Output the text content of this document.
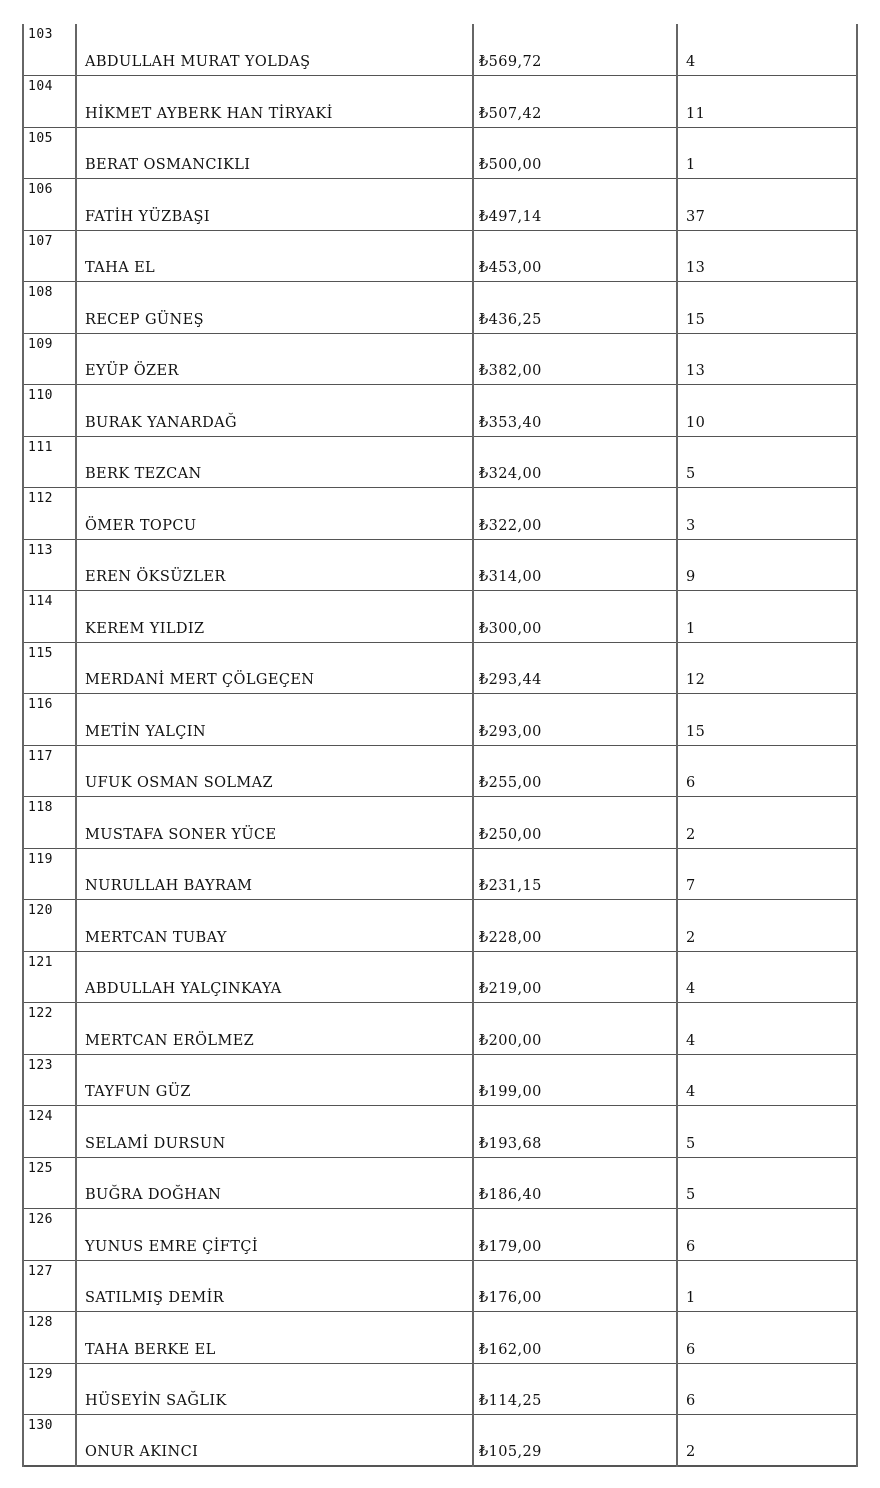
103	ABDULLAH MURAT YOLDAŞ	₺569,72	4
104	HİKMET AYBERK HAN TİRYAKİ	₺507,42	11
105	BERAT OSMANCIKLI	₺500,00	1
106	FATİH YÜZBAŞI	₺497,14	37
107	TAHA EL	₺453,00	13
108	RECEP GÜNEŞ	₺436,25	15
109	EYÜP ÖZER	₺382,00	13
110	BURAK YANARDAĞ	₺353,40	10
111	BERK TEZCAN	₺324,00	5
112	ÖMER TOPCU	₺322,00	3
113	EREN ÖKSÜZLER	₺314,00	9
114	KEREM YILDIZ	₺300,00	1
115	MERDANİ MERT ÇÖLGEÇEN	₺293,44	12
116	METİN YALÇIN	₺293,00	15
117	UFUK OSMAN SOLMAZ	₺255,00	6
118	MUSTAFA SONER YÜCE	₺250,00	2
119	NURULLAH BAYRAM	₺231,15	7
120	MERTCAN TUBAY	₺228,00	2
121	ABDULLAH YALÇINKAYA	₺219,00	4
122	MERTCAN ERÖLMEZ	₺200,00	4
123	TAYFUN GÜZ	₺199,00	4
124	SELAMİ DURSUN	₺193,68	5
125	BUĞRA DOĞHAN	₺186,40	5
126	YUNUS EMRE ÇİFTÇİ	₺179,00	6
127	SATILMIŞ DEMİR	₺176,00	1
128	TAHA BERKE EL	₺162,00	6
129	HÜSEYİN SAĞLIK	₺114,25	6
130	ONUR AKINCI	₺105,29	2
